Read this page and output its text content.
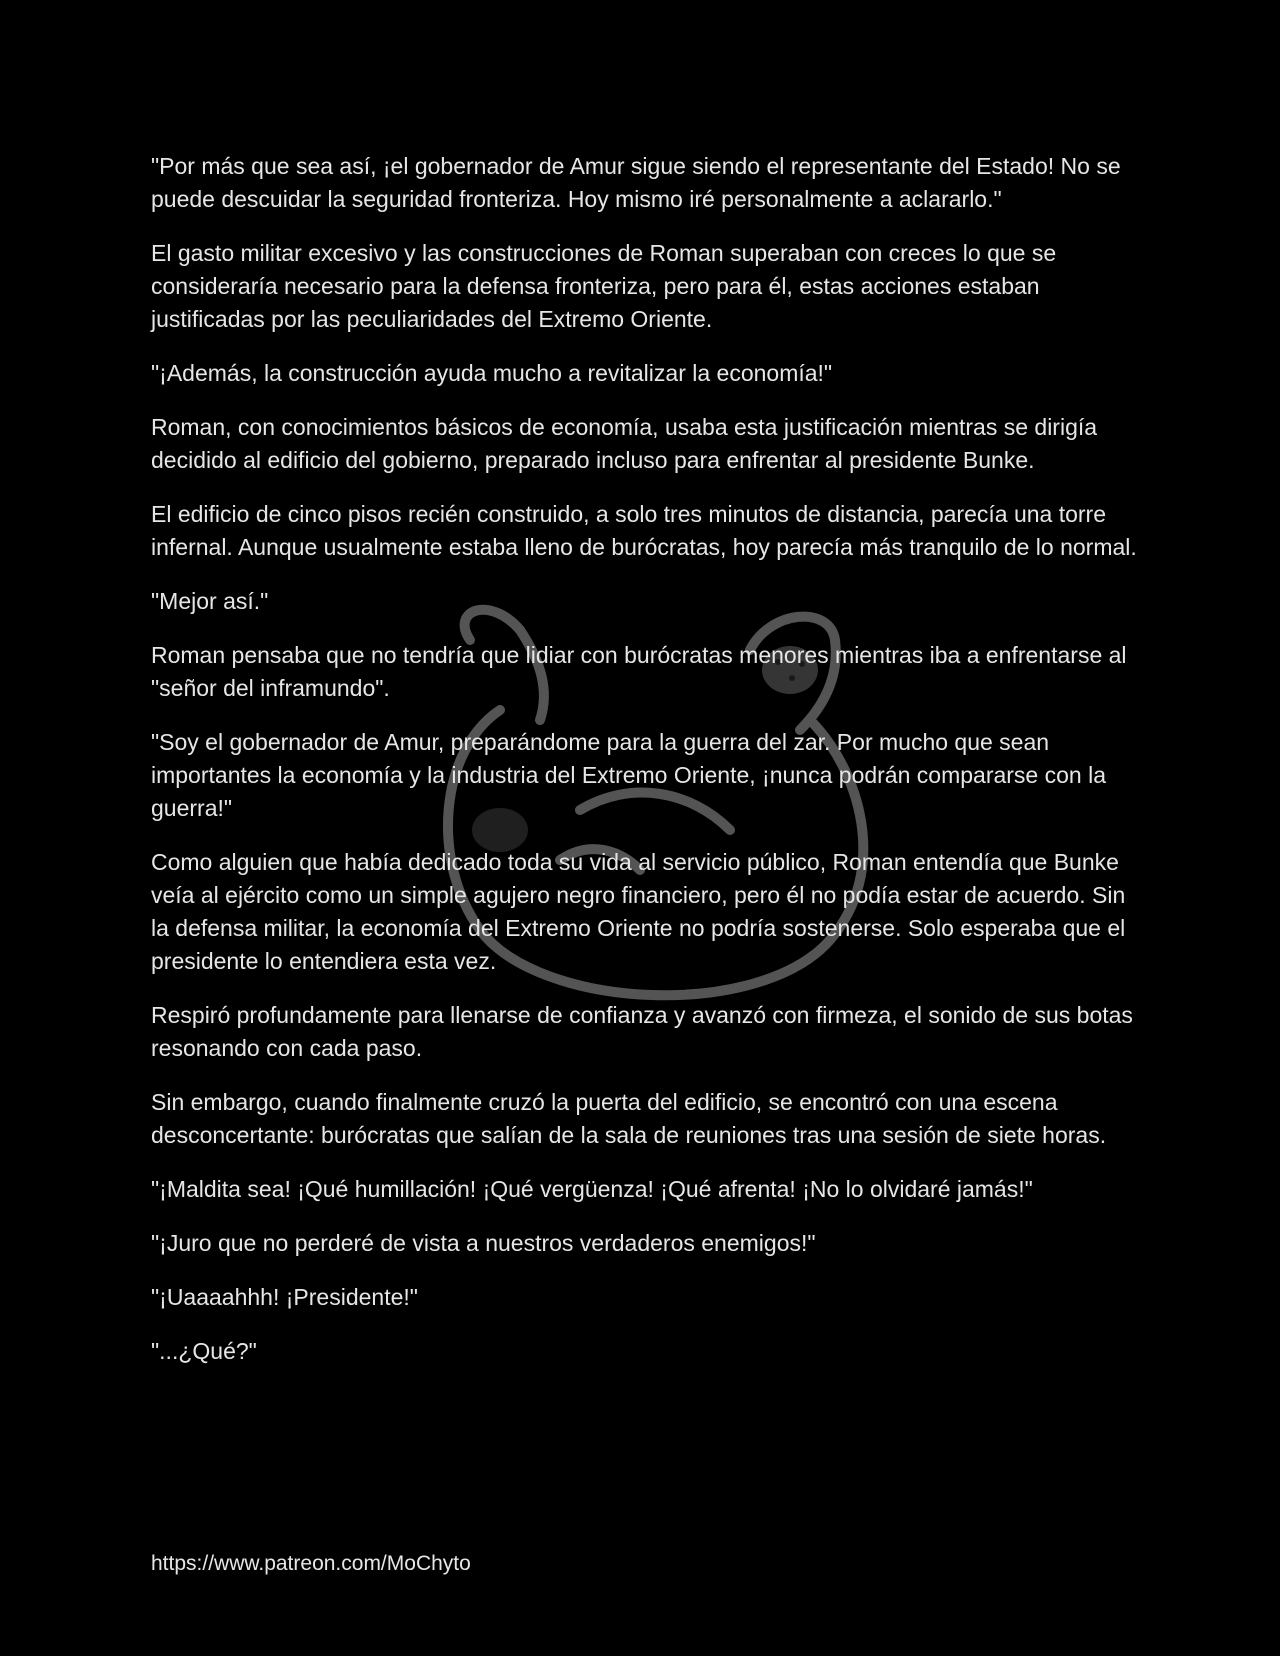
"Por más que sea así, ¡el gobernador de Amur sigue siendo el representante del Estado! No se puede descuidar la seguridad fronteriza. Hoy mismo iré personalmente a aclararlo."

El gasto militar excesivo y las construcciones de Roman superaban con creces lo que se consideraría necesario para la defensa fronteriza, pero para él, estas acciones estaban justificadas por las peculiaridades del Extremo Oriente.

"¡Además, la construcción ayuda mucho a revitalizar la economía!"

Roman, con conocimientos básicos de economía, usaba esta justificación mientras se dirigía decidido al edificio del gobierno, preparado incluso para enfrentar al presidente Bunke.

El edificio de cinco pisos recién construido, a solo tres minutos de distancia, parecía una torre infernal. Aunque usualmente estaba lleno de burócratas, hoy parecía más tranquilo de lo normal.

"Mejor así."

Roman pensaba que no tendría que lidiar con burócratas menores mientras iba a enfrentarse al "señor del inframundo".

"Soy el gobernador de Amur, preparándome para la guerra del zar. Por mucho que sean importantes la economía y la industria del Extremo Oriente, ¡nunca podrán compararse con la guerra!"

Como alguien que había dedicado toda su vida al servicio público, Roman entendía que Bunke veía al ejército como un simple agujero negro financiero, pero él no podía estar de acuerdo. Sin la defensa militar, la economía del Extremo Oriente no podría sostenerse. Solo esperaba que el presidente lo entendiera esta vez.

Respiró profundamente para llenarse de confianza y avanzó con firmeza, el sonido de sus botas resonando con cada paso.

Sin embargo, cuando finalmente cruzó la puerta del edificio, se encontró con una escena desconcertante: burócratas que salían de la sala de reuniones tras una sesión de siete horas.

"¡Maldita sea! ¡Qué humillación! ¡Qué vergüenza! ¡Qué afrenta! ¡No lo olvidaré jamás!"

"¡Juro que no perderé de vista a nuestros verdaderos enemigos!"

"¡Uaaaahhh! ¡Presidente!"

"...¿Qué?"

https://www.patreon.com/MoChyto
